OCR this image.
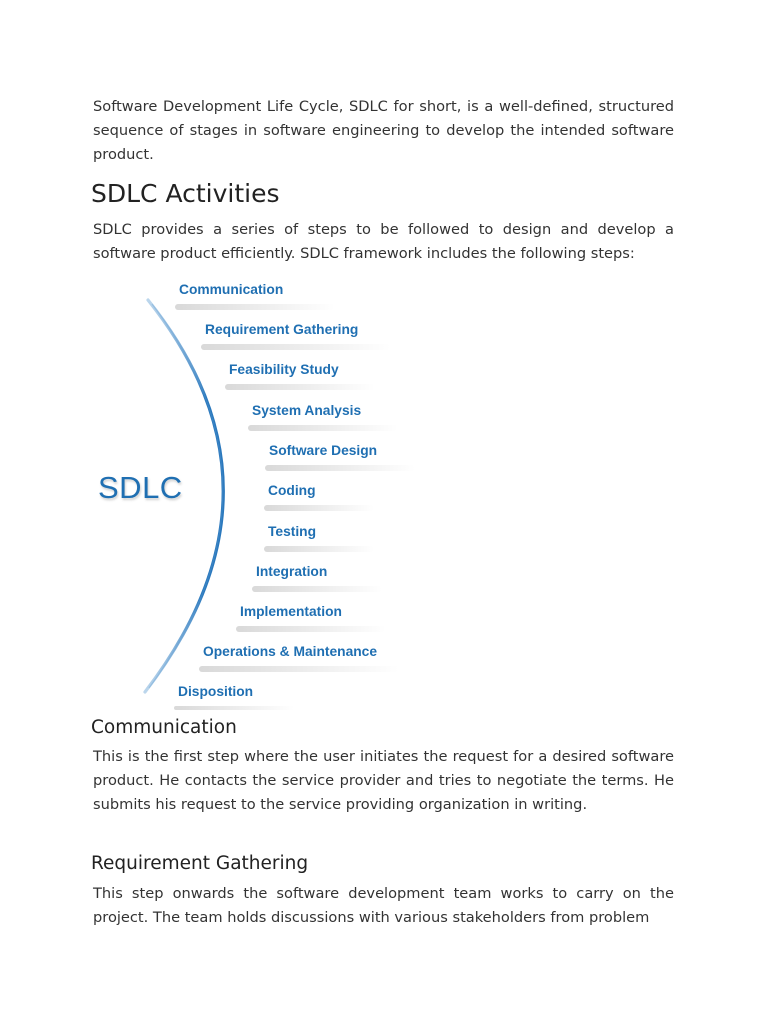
Software Development Life Cycle, SDLC for short, is a well-defined, structured sequence of stages in software engineering to develop the intended software product.

SDLC Activities

SDLC provides a series of steps to be followed to design and develop a software product efficiently. SDLC framework includes the following steps:

SDLC
Communication
Requirement Gathering
Feasibility Study
System Analysis
Software Design
Coding
Testing
Integration
Implementation
Operations & Maintenance
Disposition
Communication

This is the first step where the user initiates the request for a desired software product. He contacts the service provider and tries to negotiate the terms. He submits his request to the service providing organization in writing.

Requirement Gathering

This step onwards the software development team works to carry on the project. The team holds discussions with various stakeholders from problem
